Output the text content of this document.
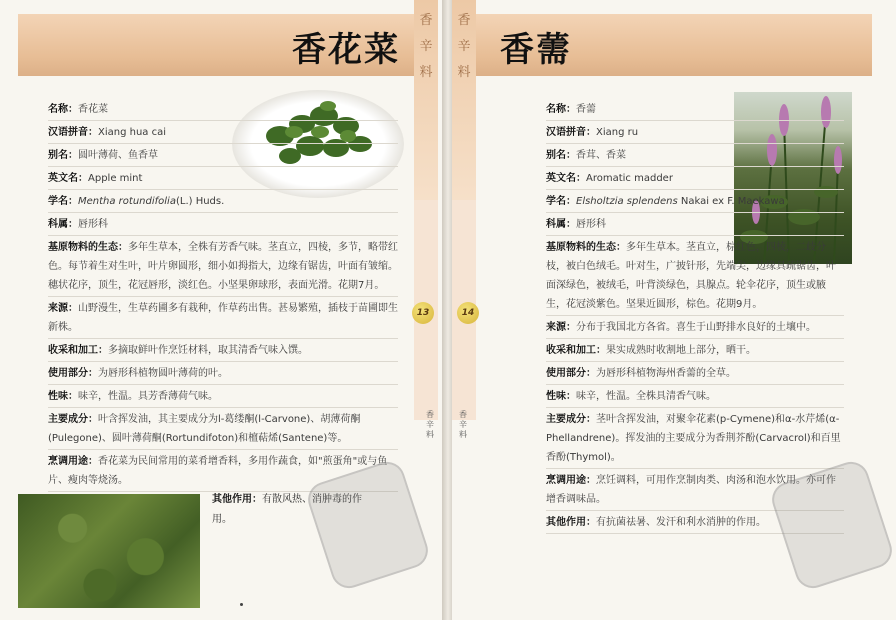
香花菜
香
辛
料
13
香
辛
料
名称：香花菜
汉语拼音：Xiang hua cai
别名：圆叶薄荷、鱼香草
英文名：Apple mint
学名：Mentha rotundifolia(L.) Huds.
科属：唇形科
基原物料的生态：多年生草本，全株有芳香气味。茎直立，四棱，多节，略带红色。每节着生对生叶，叶片卵圆形，细小如拇指大，边缘有锯齿，叶面有皱缩。穗状花序，顶生，花冠唇形，淡红色。小坚果卵球形，表面光滑。花期7月。
来源：山野漫生，生草药圃多有栽种，作草药出售。甚易繁殖，插枝于苗圃即生新株。
收采和加工：多摘取鲜叶作烹饪材料，取其清香气味入馔。
使用部分：为唇形科植物圆叶薄荷的叶。
性味：味辛，性温。具芳香薄荷气味。
主要成分：叶含挥发油，其主要成分为l-葛缕酮(l-Carvone)、胡薄荷酮(Pulegone)、圆叶薄荷酮(Rortundifoton)和檀萜烯(Santene)等。
烹调用途：香花菜为民间常用的菜肴增香料，多用作蔬食，如"煎蛋角"或与鱼片、瘦肉等烧汤。
其他作用：有散风热、消肿毒的作用。
香薷
香
辛
料
14
香
辛
料
名称：香薷
汉语拼音：Xiang ru
别名：香茸、香菜
英文名：Aromatic madder
学名：Elsholtzia splendens Nakai ex F. Maekawa
科属：唇形科
基原物料的生态：多年生草本。茎直立，棕红色，四棱，二歧分枝，被白色绒毛。叶对生，广披针形，先端尖，边缘具疏锯齿，叶面深绿色，被绒毛，叶背淡绿色，具腺点。轮伞花序，顶生或腋生，花冠淡紫色。坚果近圆形，棕色。花期9月。
来源：分布于我国北方各省。喜生于山野排水良好的土壤中。
收采和加工：果实成熟时收割地上部分，晒干。
使用部分：为唇形科植物海州香薷的全草。
性味：味辛，性温。全株具清香气味。
主要成分：茎叶含挥发油，对聚伞花素(p-Cymene)和α-水芹烯(α-Phellandrene)。挥发油的主要成分为香荆芥酚(Carvacrol)和百里香酚(Thymol)。
烹调用途：烹饪调料，可用作烹制肉类、肉汤和泡水饮用。亦可作增香调味品。
其他作用：有抗菌祛暑、发汗和利水消肿的作用。
